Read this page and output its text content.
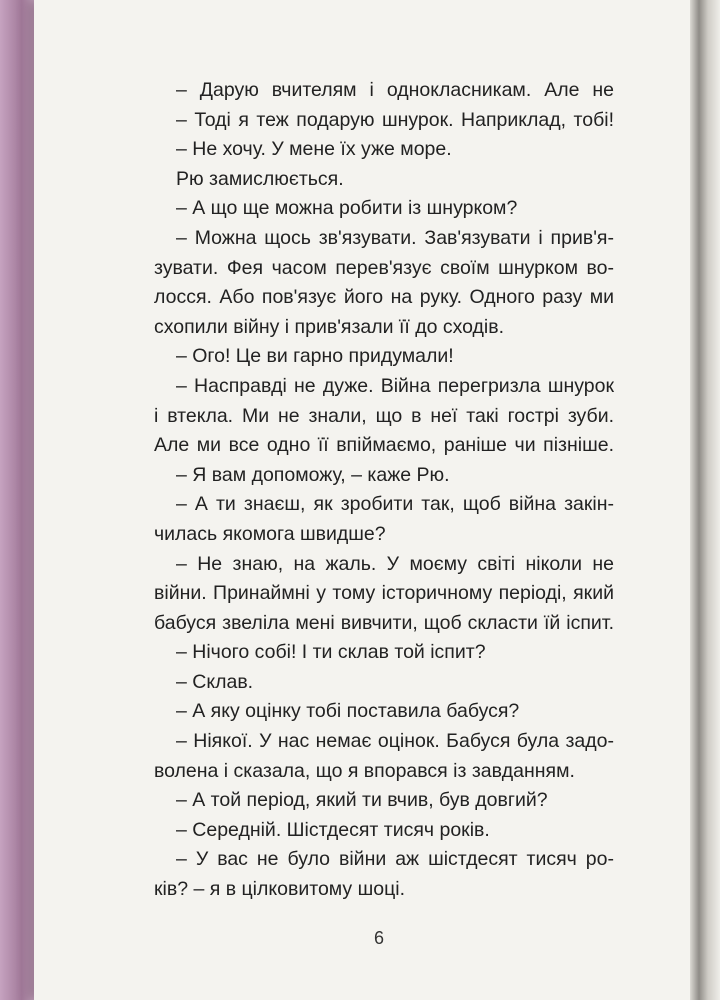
– Дарую вчителям і однокласникам. Але не
– Тоді я теж подарую шнурок. Наприклад, тобі!
– Не хочу. У мене їх уже море.
Рю замислюється.
– А що ще можна робити із шнурком?
– Можна щось зв'язувати. Зав'язувати і прив'я-
зувати. Фея часом перев'язує своїм шнурком во-
лосся. Або пов'язує його на руку. Одного разу ми
схопили війну і прив'язали її до сходів.
– Ого! Це ви гарно придумали!
– Насправді не дуже. Війна перегризла шнурок
і втекла. Ми не знали, що в неї такі гострі зуби.
Але ми все одно її впіймаємо, раніше чи пізніше.
– Я вам допоможу, – каже Рю.
– А ти знаєш, як зробити так, щоб війна закін-
чилась якомога швидше?
– Не знаю, на жаль. У моєму світі ніколи не
війни. Принаймні у тому історичному періоді, який
бабуся звеліла мені вивчити, щоб скласти їй іспит.
– Нічого собі! І ти склав той іспит?
– Склав.
– А яку оцінку тобі поставила бабуся?
– Ніякої. У нас немає оцінок. Бабуся була задо-
волена і сказала, що я впорався із завданням.
– А той період, який ти вчив, був довгий?
– Середній. Шістдесят тисяч років.
– У вас не було війни аж шістдесят тисяч ро-
ків? – я в цілковитому шоці.
6
